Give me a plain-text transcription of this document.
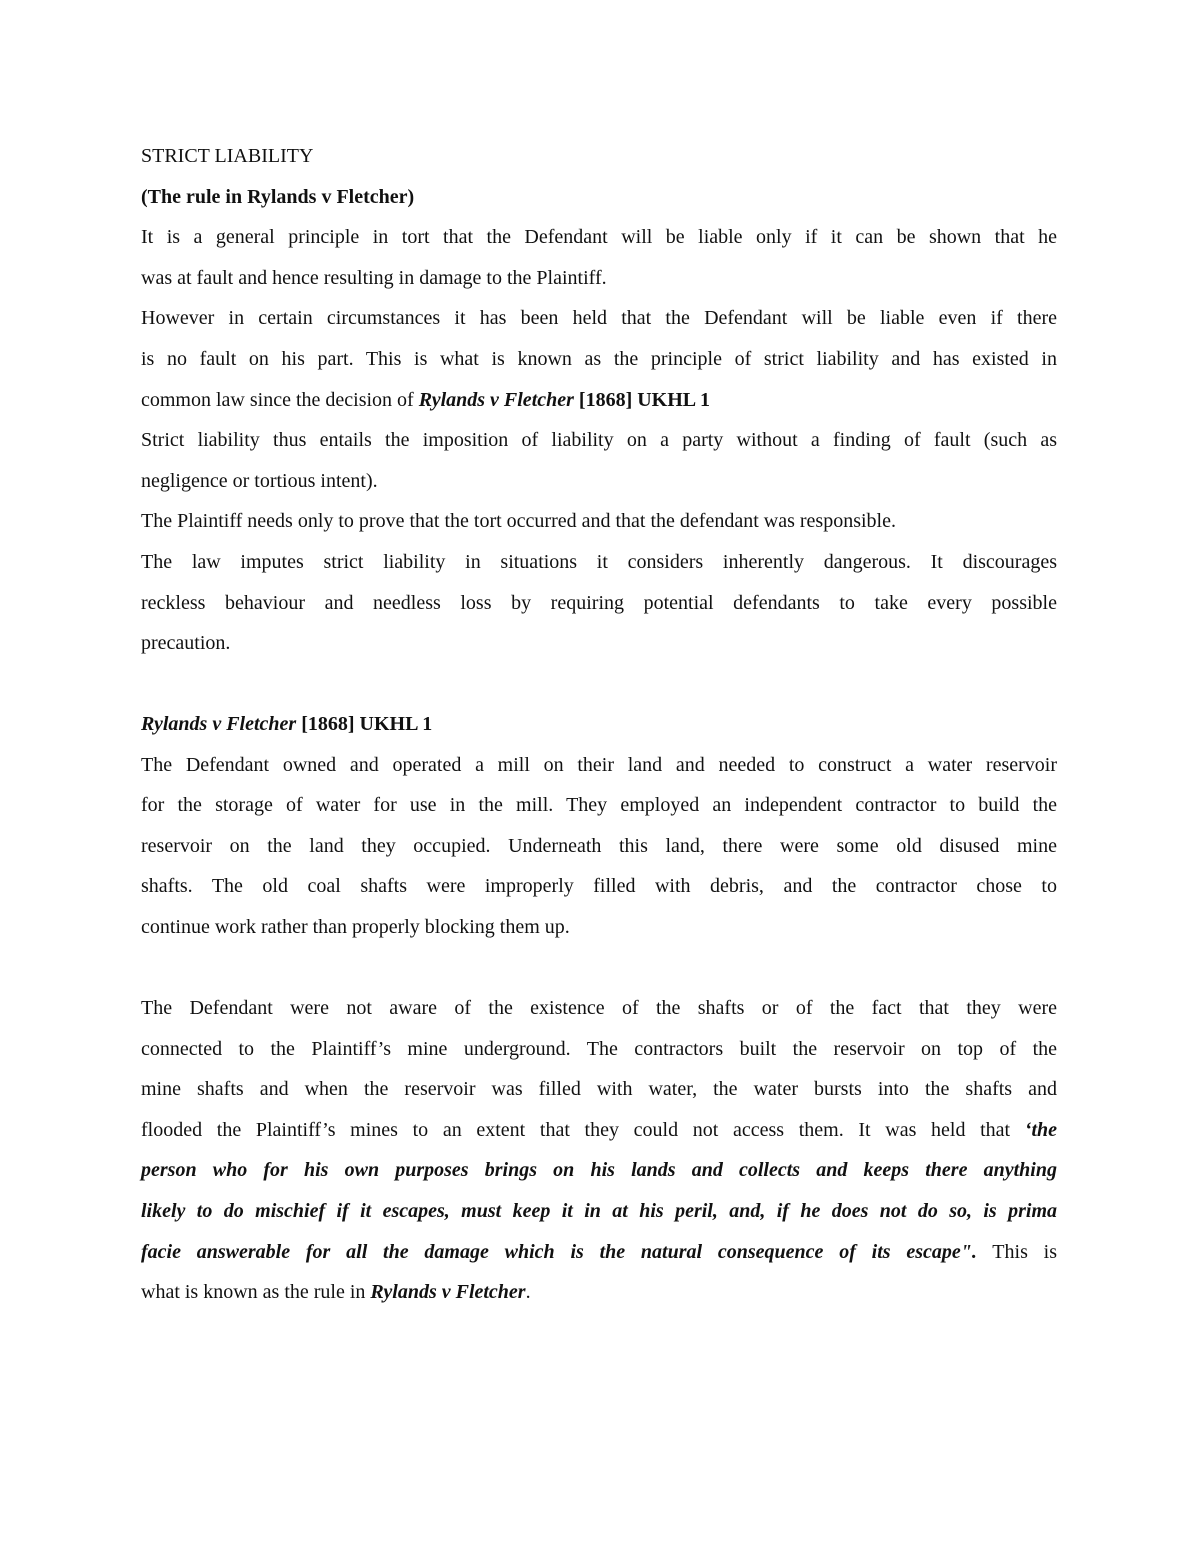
STRICT LIABILITY
(The rule in Rylands v Fletcher)
It is a general principle in tort that the Defendant will be liable only if it can be shown that he
was at fault and hence resulting in damage to the Plaintiff.
However in certain circumstances it has been held that the Defendant will be liable even if there
is no fault on his part. This is what is known as the principle of strict liability and has existed in
common law since the decision of Rylands v Fletcher [1868] UKHL 1
Strict liability thus entails the imposition of liability on a party without a finding of fault (such as
negligence or tortious intent).
The Plaintiff needs only to prove that the tort occurred and that the defendant was responsible.
The law imputes strict liability in situations it considers inherently dangerous. It discourages
reckless behaviour and needless loss by requiring potential defendants to take every possible
precaution.
Rylands v Fletcher [1868] UKHL 1
The Defendant owned and operated a mill on their land and needed to construct a water reservoir
for the storage of water for use in the mill. They employed an independent contractor to build the
reservoir on the land they occupied. Underneath this land, there were some old disused mine
shafts. The old coal shafts were improperly filled with debris, and the contractor chose to
continue work rather than properly blocking them up.
The Defendant were not aware of the existence of the shafts or of the fact that they were
connected to the Plaintiff’s mine underground. The contractors built the reservoir on top of the
mine shafts and when the reservoir was filled with water, the water bursts into the shafts and
flooded the Plaintiff’s mines to an extent that they could not access them. It was held that ‘the
person who for his own purposes brings on his lands and collects and keeps there anything
likely to do mischief if it escapes, must keep it in at his peril, and, if he does not do so, is prima
facie answerable for all the damage which is the natural consequence of its escape". This is
what is known as the rule in Rylands v Fletcher.
